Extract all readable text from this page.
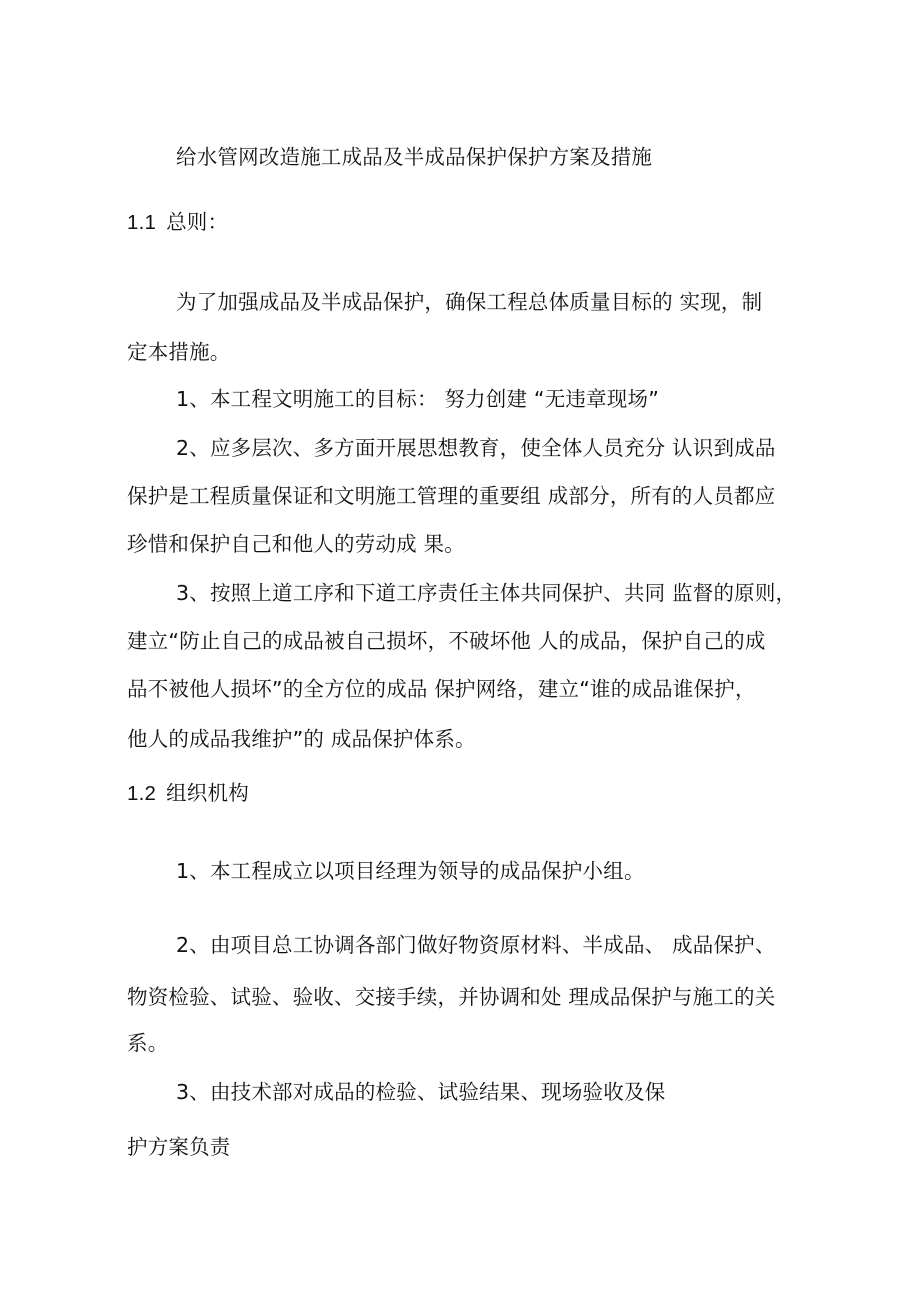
给水管网改造施工成品及半成品保护保护方案及措施
1.1 总则：
为了加强成品及半成品保护，确保工程总体质量目标的 实现，制
定本措施。
1、本工程文明施工的目标： 努力创建 “无违章现场”
2、应多层次、多方面开展思想教育，使全体人员充分 认识到成品
保护是工程质量保证和文明施工管理的重要组 成部分，所有的人员都应
珍惜和保护自己和他人的劳动成 果。
3、按照上道工序和下道工序责任主体共同保护、共同 监督的原则，
建立“防止自己的成品被自己损坏，不破坏他 人的成品，保护自己的成
品不被他人损坏”的全方位的成品 保护网络，建立“谁的成品谁保护，
他人的成品我维护”的 成品保护体系。
1.2 组织机构
1、本工程成立以项目经理为领导的成品保护小组。
2、由项目总工协调各部门做好物资原材料、半成品、 成品保护、
物资检验、试验、验收、交接手续，并协调和处 理成品保护与施工的关
系。
3、由技术部对成品的检验、试验结果、现场验收及保
护方案负责
